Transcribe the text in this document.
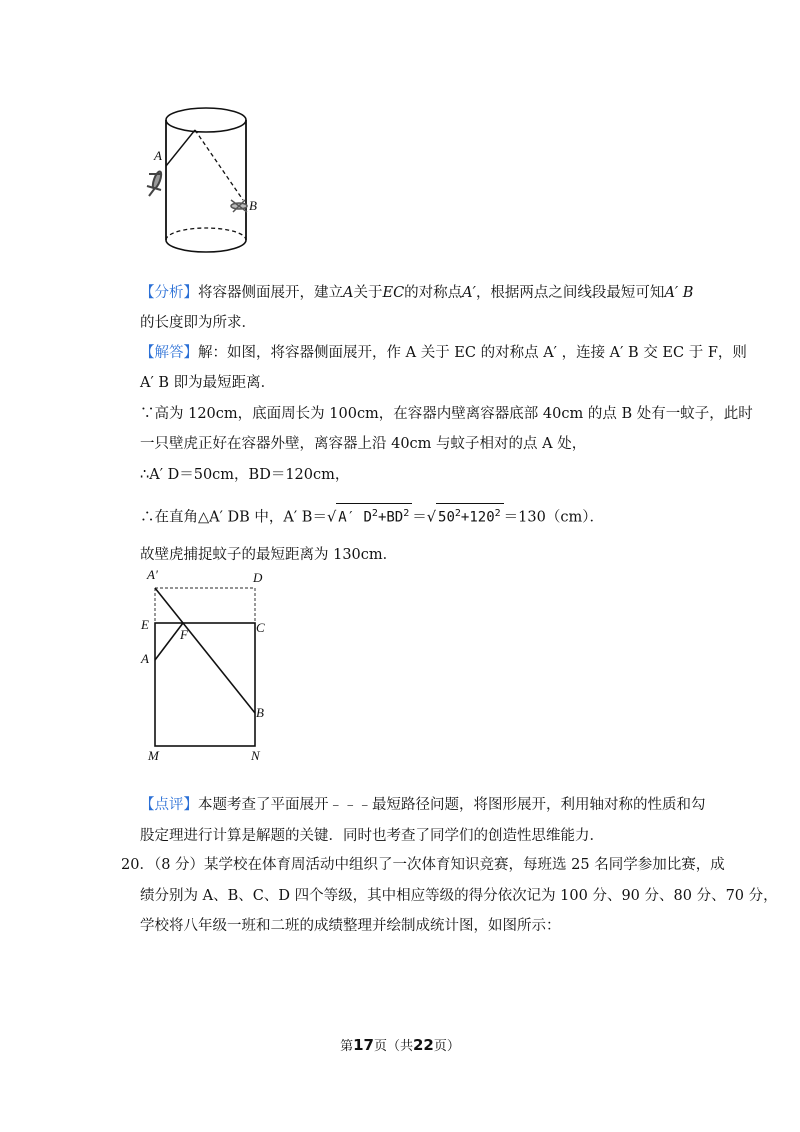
A
B
【分析】将容器侧面展开，建立A关于EC的对称点A′，根据两点之间线段最短可知A′ B
的长度即为所求．
【解答】解：如图，将容器侧面展开，作 A 关于 EC 的对称点 A′ ，连接 A′ B 交 EC 于 F，则
A′ B 即为最短距离．
∵高为 120cm，底面周长为 100cm，在容器内壁离容器底部 40cm 的点 B 处有一蚊子，此时
一只壁虎正好在容器外壁，离容器上沿 40cm 与蚊子相对的点 A 处，
∴A′ D＝50cm，BD＝120cm，
∴在直角△A′ DB 中，A′ B＝√ A′ $D^2+BD^2$ ＝√ $50^2+120^2 =130(cm)$．
故壁虎捕捉蚊子的最短距离为 130cm．
A′	D
E
F	C
A
B
M	N
【点评】本题考查了平面展开﹣﹣﹣最短路径问题，将图形展开，利用轴对称的性质和勾
股定理进行计算是解题的关键．同时也考查了同学们的创造性思维能力．
20．（8 分）某学校在体育周活动中组织了一次体育知识竞赛，每班选 25 名同学参加比赛，成
绩分别为 A、B、C、D 四个等级，其中相应等级的得分依次记为 100 分、90 分、80 分、70 分，
学校将八年级一班和二班的成绩整理并绘制成统计图，如图所示：
第17页（共22页）
